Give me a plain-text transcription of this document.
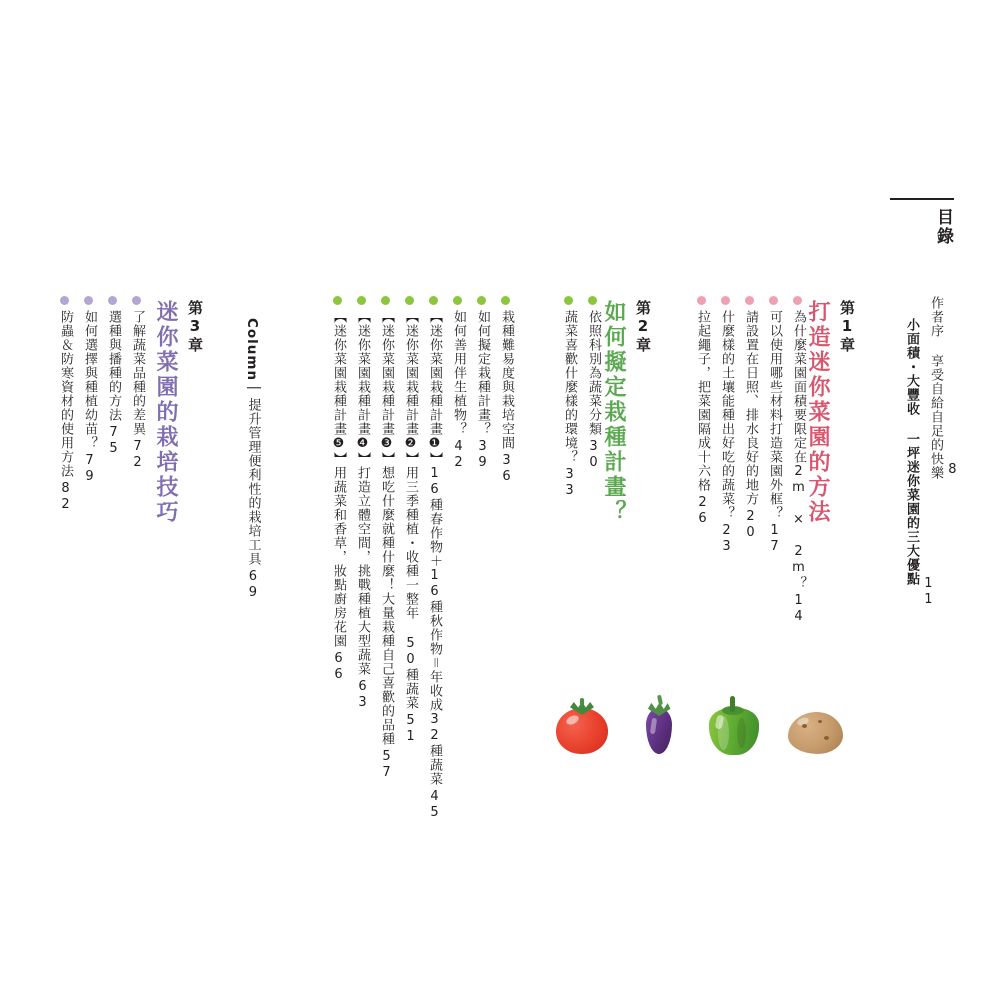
目錄
作者序 享受自給自足的快樂 8
小面積・大豐收 一坪迷你菜園的三大優點
11
第1章
打造迷你菜園的方法
為什麼菜園面積要限定在2m × 2m？
14
可以使用哪些材料打造菜園外框？
17
請設置在日照、排水良好的地方
20
什麼樣的土壤能種出好吃的蔬菜？
23
拉起繩子，把菜園隔成十六格
26
第2章
如何擬定栽種計畫？
依照科別為蔬菜分類
30
蔬菜喜歡什麼樣的環境？
33
栽種難易度與栽培空間
36
如何擬定栽種計畫？
39
如何善用伴生植物？
42
【迷你菜園栽種計畫❶】16種春作物＋16種秋作物＝年收成32種蔬菜
45
【迷你菜園栽種計畫❷】用三季種植・收種一整年 50種蔬菜
51
【迷你菜園栽種計畫❸】想吃什麼就種什麼！大量栽種自己喜歡的品種
57
【迷你菜園栽種計畫❹】打造立體空間，挑戰種植大型蔬菜
63
【迷你菜園栽種計畫❺】用蔬菜和香草，妝點廚房花園
66
Column｜
提升管理便利性的栽培工具
69
第3章
迷你菜園的栽培技巧
了解蔬菜品種的差異
72
選種與播種的方法
75
如何選擇與種植幼苗？
79
防蟲＆防寒資材的使用方法
82
